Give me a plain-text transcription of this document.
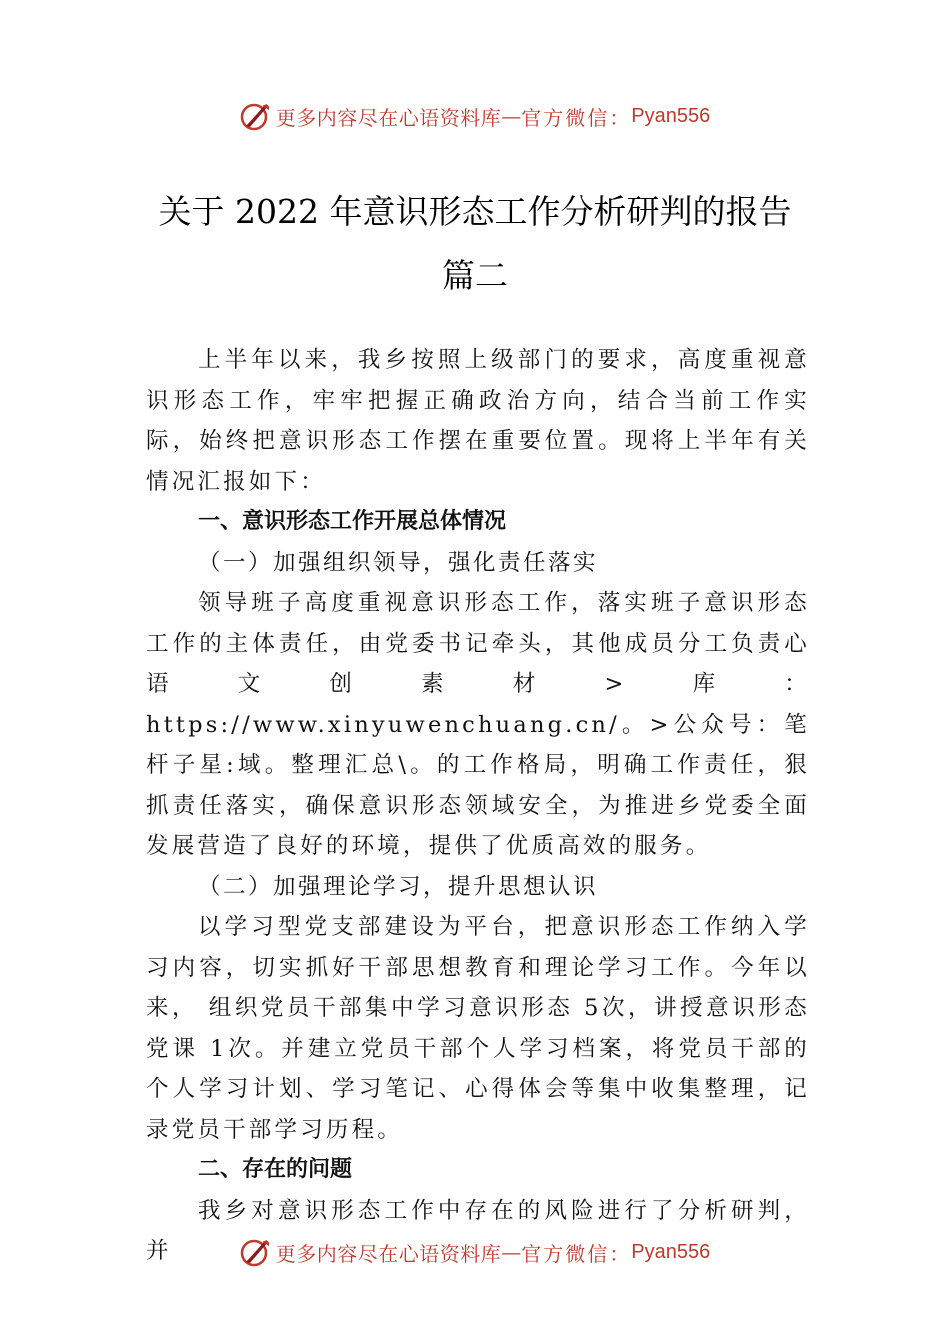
更多内容尽在心语资料库 — 官方微信： Pyan556
关于 2022 年意识形态工作分析研判的报告
篇二

上半年以来，我乡按照上级部门的要求，高度重视意识形态工作，牢牢把握正确政治方向，结合当前工作实际，始终把意识形态工作摆在重要位置。现将上半年有关情况汇报如下：

一、意识形态工作开展总体情况

（一）加强组织领导，强化责任落实

领导班子高度重视意识形态工作，落实班子意识形态工作的主体责任，由党委书记牵头，其他成员分工负责心语文创素材>库：https://www.xinyuwenchuang.cn/。>公众号：笔杆子星:域。整理汇总\。的工作格局，明确工作责任，狠抓责任落实，确保意识形态领域安全，为推进乡党委全面发展营造了良好的环境，提供了优质高效的服务。

（二）加强理论学习，提升思想认识

以学习型党支部建设为平台，把意识形态工作纳入学习内容，切实抓好干部思想教育和理论学习工作。今年以来， 组织党员干部集中学习意识形态 5次，讲授意识形态党课 1次。并建立党员干部个人学习档案，将党员干部的个人学习计划、学习笔记、心得体会等集中收集整理，记录党员干部学习历程。

二、存在的问题

我乡对意识形态工作中存在的风险进行了分析研判，并	更多内容尽在心语资料库 — 官方微信： Pyan556
